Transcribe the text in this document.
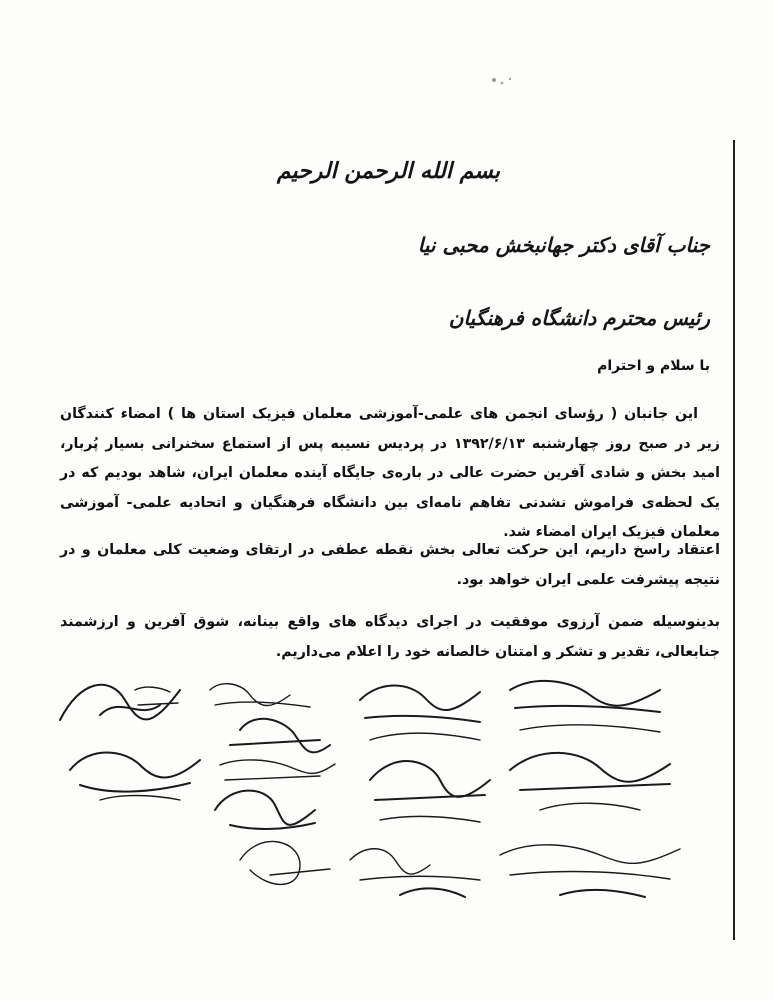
بسم الله الرحمن الرحیم
جناب آقای دکتر جهانبخش محبی نیا
رئیس محترم دانشگاه فرهنگیان
با سلام و احترام
این جانبان ( رؤسای انجمن های علمی-آموزشی معلمان فیزیک استان ها ) امضاء کنندگان زیر در صبح روز چهارشنبه ۱۳۹۲/۶/۱۳ در پردیس نسیبه پس از استماع سخنرانی بسیار پُربار، امید بخش و شادی آفرین حضرت عالی در باره‌ی جایگاه آینده معلمان ایران، شاهد بودیم که در یک لحظه‌ی فراموش نشدنی تفاهم نامه‌ای بین دانشگاه فرهنگیان و اتحادیه علمی- آموزشی معلمان فیزیک ایران امضاء شد.
اعتقاد راسخ داریم، این حرکت تعالی بخش نقطه عطفی در ارتقای وضعیت کلی معلمان و در نتیجه پیشرفت علمی ایران خواهد بود.
بدینوسیله ضمن آرزوی موفقیت در اجرای دیدگاه های واقع بینانه، شوق آفرین و ارزشمند جنابعالی، تقدیر و تشکر و امتنان خالصانه خود را اعلام می‌داریم.
